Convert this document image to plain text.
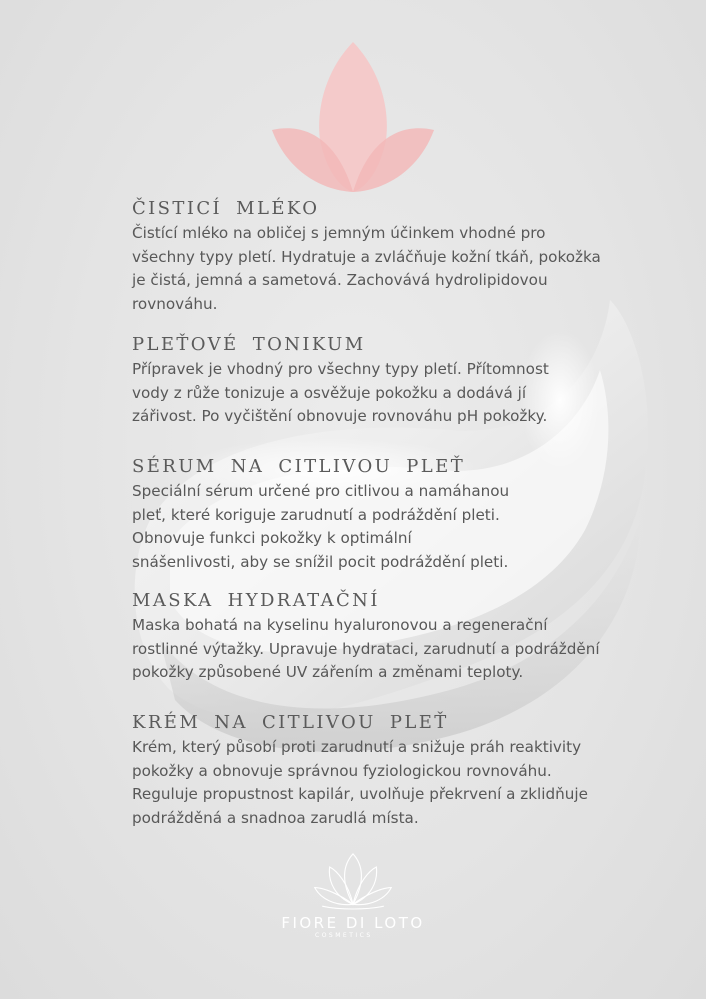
ČISTICÍ MLÉKO

Čistící mléko na obličej s jemným účinkem vhodné pro
všechny typy pletí. Hydratuje a zvláčňuje kožní tkáň, pokožka
je čistá, jemná a sametová. Zachovává hydrolipidovou
rovnováhu.

PLEŤOVÉ TONIKUM

Přípravek je vhodný pro všechny typy pletí. Přítomnost
vody z růže tonizuje a osvěžuje pokožku a dodává jí
zářivost. Po vyčištění obnovuje rovnováhu pH pokožky.

SÉRUM NA CITLIVOU PLEŤ

Speciální sérum určené pro citlivou a namáhanou
pleť, které koriguje zarudnutí a podráždění pleti.
Obnovuje funkci pokožky k optimální
snášenlivosti, aby se snížil pocit podráždění pleti.

MASKA HYDRATAČNÍ

Maska bohatá na kyselinu hyaluronovou a regenerační
rostlinné výtažky. Upravuje hydrataci, zarudnutí a podráždění
pokožky způsobené UV zářením a změnami teploty.

KRÉM NA CITLIVOU PLEŤ

Krém, který působí proti zarudnutí a snižuje práh reaktivity
pokožky a obnovuje správnou fyziologickou rovnováhu.
Reguluje propustnost kapilár, uvolňuje překrvení a zklidňuje
podrážděná a snadnoa zarudlá místa.

FIORE DI LOTO
COSMETICS
